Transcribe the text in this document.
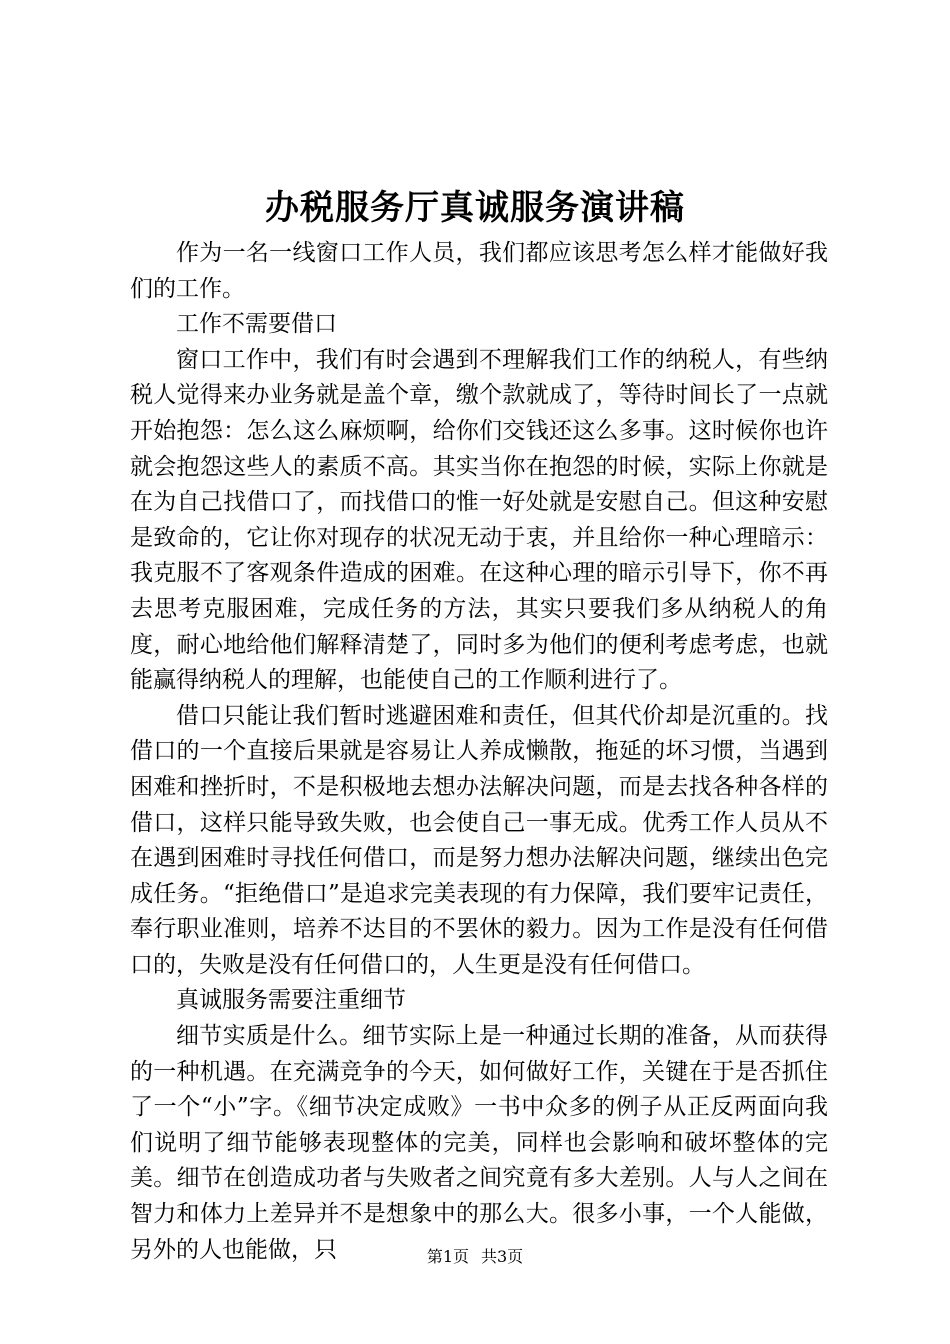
办税服务厅真诚服务演讲稿

作为一名一线窗口工作人员，我们都应该思考怎么样才能做好我们的工作。

工作不需要借口

窗口工作中，我们有时会遇到不理解我们工作的纳税人，有些纳税人觉得来办业务就是盖个章，缴个款就成了，等待时间长了一点就开始抱怨：怎么这么麻烦啊，给你们交钱还这么多事。这时候你也许就会抱怨这些人的素质不高。其实当你在抱怨的时候，实际上你就是在为自己找借口了，而找借口的惟一好处就是安慰自己。但这种安慰是致命的，它让你对现存的状况无动于衷，并且给你一种心理暗示：我克服不了客观条件造成的困难。在这种心理的暗示引导下，你不再去思考克服困难，完成任务的方法，其实只要我们多从纳税人的角度，耐心地给他们解释清楚了，同时多为他们的便利考虑考虑，也就能赢得纳税人的理解，也能使自己的工作顺利进行了。

借口只能让我们暂时逃避困难和责任，但其代价却是沉重的。找借口的一个直接后果就是容易让人养成懒散，拖延的坏习惯，当遇到困难和挫折时，不是积极地去想办法解决问题，而是去找各种各样的借口，这样只能导致失败，也会使自己一事无成。优秀工作人员从不在遇到困难时寻找任何借口，而是努力想办法解决问题，继续出色完成任务。“拒绝借口”是追求完美表现的有力保障，我们要牢记责任，奉行职业准则，培养不达目的不罢休的毅力。因为工作是没有任何借口的，失败是没有任何借口的，人生更是没有任何借口。

真诚服务需要注重细节

细节实质是什么。细节实际上是一种通过长期的准备，从而获得的一种机遇。在充满竞争的今天，如何做好工作，关键在于是否抓住了一个“小”字。《细节决定成败》一书中众多的例子从正反两面向我们说明了细节能够表现整体的完美，同样也会影响和破坏整体的完美。细节在创造成功者与失败者之间究竟有多大差别。人与人之间在智力和体力上差异并不是想象中的那么大。很多小事，一个人能做，另外的人也能做，只	第1页 共3页
